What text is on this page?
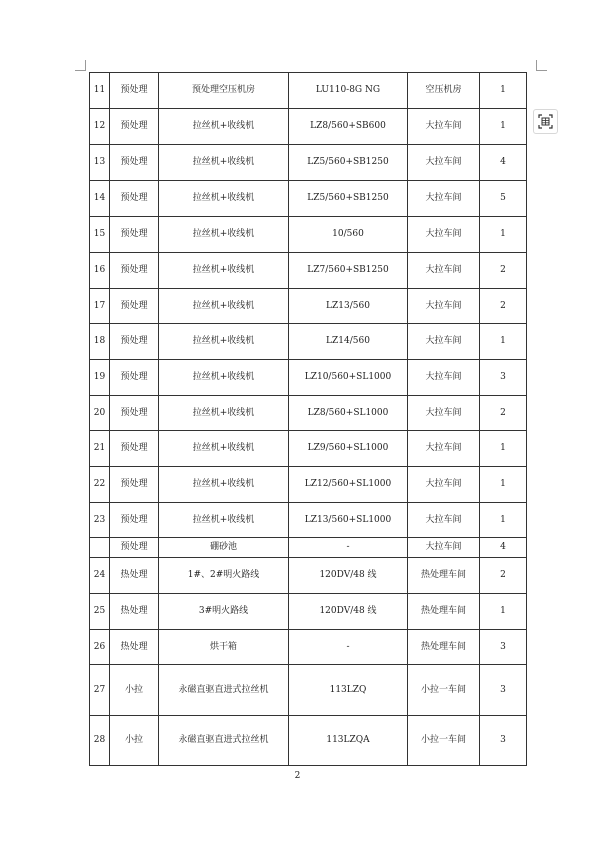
11	预处理	预处理空压机房	LU110-8G NG	空压机房	1
12	预处理	拉丝机+收线机	LZ8/560+SB600	大拉车间	1
13	预处理	拉丝机+收线机	LZ5/560+SB1250	大拉车间	4
14	预处理	拉丝机+收线机	LZ5/560+SB1250	大拉车间	5
15	预处理	拉丝机+收线机	10/560	大拉车间	1
16	预处理	拉丝机+收线机	LZ7/560+SB1250	大拉车间	2
17	预处理	拉丝机+收线机	LZ13/560	大拉车间	2
18	预处理	拉丝机+收线机	LZ14/560	大拉车间	1
19	预处理	拉丝机+收线机	LZ10/560+SL1000	大拉车间	3
20	预处理	拉丝机+收线机	LZ8/560+SL1000	大拉车间	2
21	预处理	拉丝机+收线机	LZ9/560+SL1000	大拉车间	1
22	预处理	拉丝机+收线机	LZ12/560+SL1000	大拉车间	1
23	预处理	拉丝机+收线机	LZ13/560+SL1000	大拉车间	1
	预处理	硼砂池	-	大拉车间	4
24	热处理	1#、2#明火路线	120DV/48 线	热处理车间	2
25	热处理	3#明火路线	120DV/48 线	热处理车间	1
26	热处理	烘干箱	-	热处理车间	3
27	小拉	永磁直驱直进式拉丝机	113LZQ	小拉一车间	3
28	小拉	永磁直驱直进式拉丝机	113LZQA	小拉一车间	3
2
